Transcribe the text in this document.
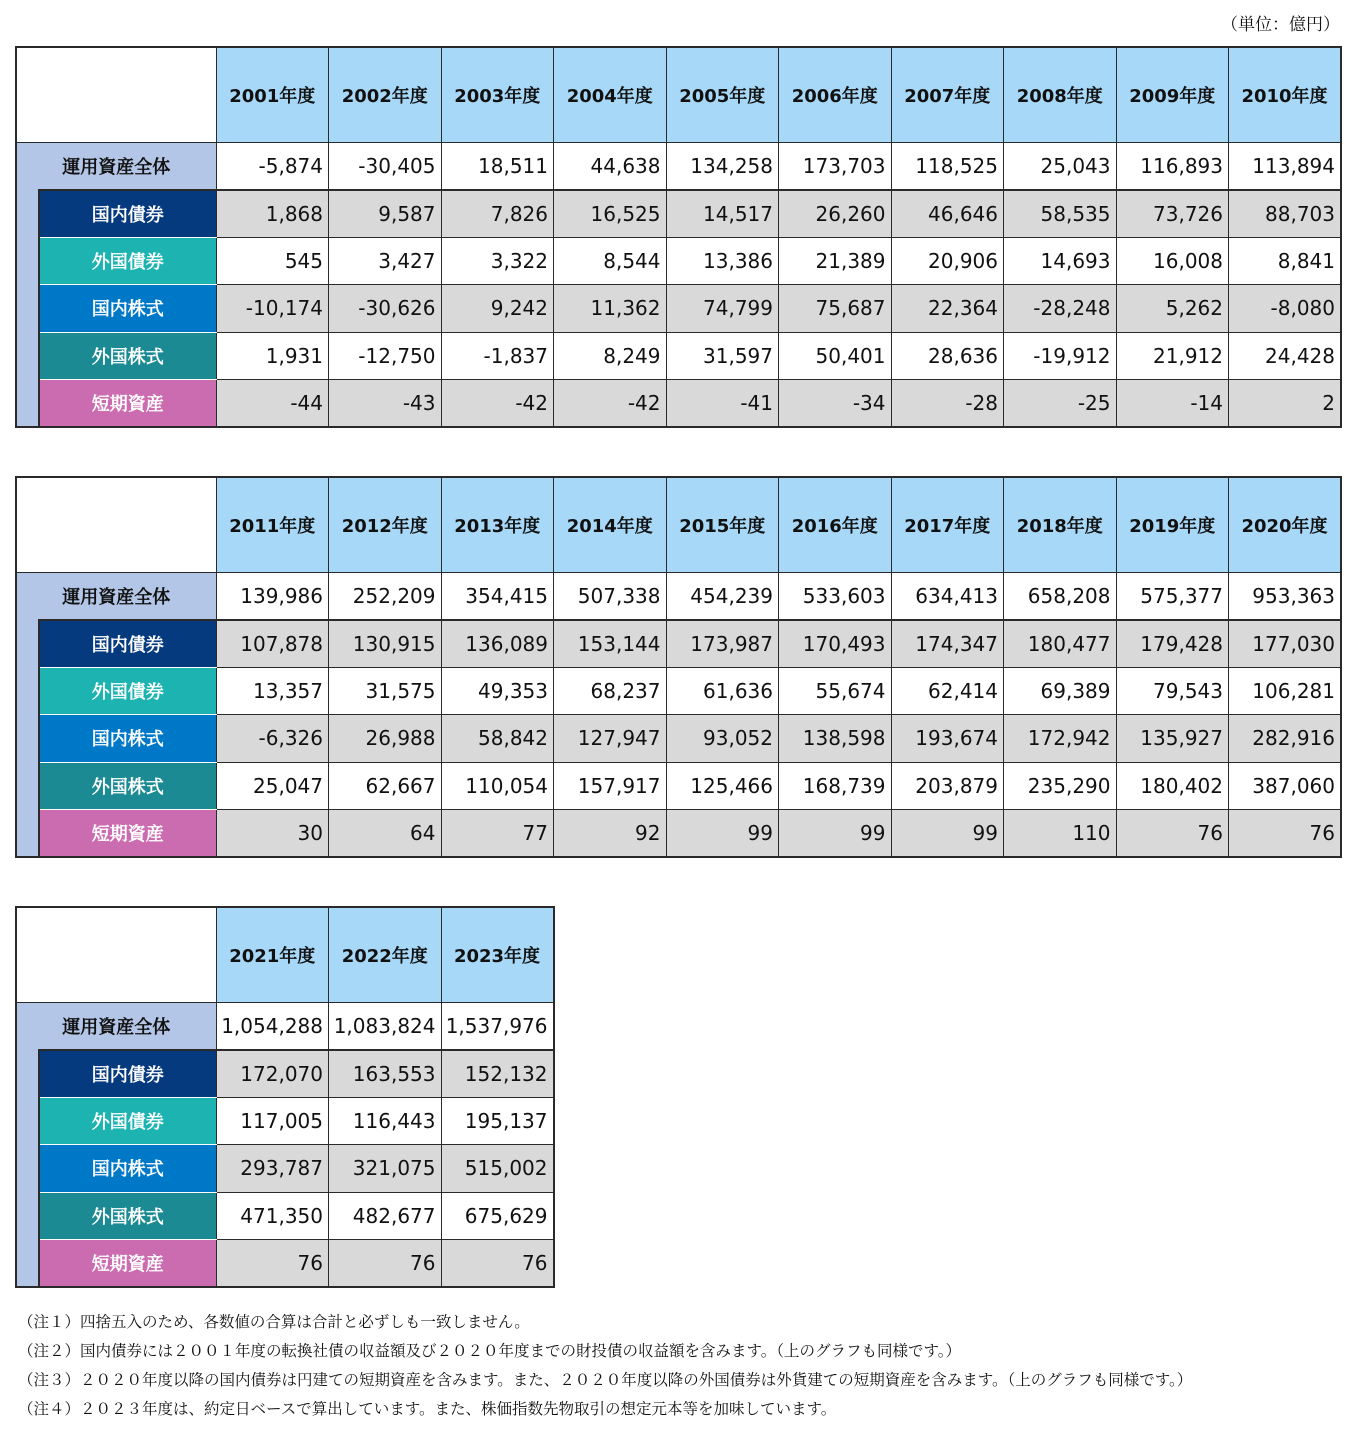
（単位：億円）
		2001年度	2002年度	2003年度	2004年度	2005年度	2006年度	2007年度	2008年度	2009年度	2010年度
運用資産全体		-5,874	-30,405	18,511	44,638	134,258	173,703	118,525	25,043	116,893	113,894
	国内債券	1,868	9,587	7,826	16,525	14,517	26,260	46,646	58,535	73,726	88,703
	外国債券	545	3,427	3,322	8,544	13,386	21,389	20,906	14,693	16,008	8,841
	国内株式	-10,174	-30,626	9,242	11,362	74,799	75,687	22,364	-28,248	5,262	-8,080
	外国株式	1,931	-12,750	-1,837	8,249	31,597	50,401	28,636	-19,912	21,912	24,428
	短期資産	-44	-43	-42	-42	-41	-34	-28	-25	-14	2
		2011年度	2012年度	2013年度	2014年度	2015年度	2016年度	2017年度	2018年度	2019年度	2020年度
運用資産全体		139,986	252,209	354,415	507,338	454,239	533,603	634,413	658,208	575,377	953,363
	国内債券	107,878	130,915	136,089	153,144	173,987	170,493	174,347	180,477	179,428	177,030
	外国債券	13,357	31,575	49,353	68,237	61,636	55,674	62,414	69,389	79,543	106,281
	国内株式	-6,326	26,988	58,842	127,947	93,052	138,598	193,674	172,942	135,927	282,916
	外国株式	25,047	62,667	110,054	157,917	125,466	168,739	203,879	235,290	180,402	387,060
	短期資産	30	64	77	92	99	99	99	110	76	76
		2021年度	2022年度	2023年度
運用資産全体		1,054,288	1,083,824	1,537,976
	国内債券	172,070	163,553	152,132
	外国債券	117,005	116,443	195,137
	国内株式	293,787	321,075	515,002
	外国株式	471,350	482,677	675,629
	短期資産	76	76	76
（注１）四捨五入のため、各数値の合算は合計と必ずしも一致しません。
（注２）国内債券には２００１年度の転換社債の収益額及び２０２０年度までの財投債の収益額を含みます。（上のグラフも同様です。）
（注３）２０２０年度以降の国内債券は円建ての短期資産を含みます。また、２０２０年度以降の外国債券は外貨建ての短期資産を含みます。（上のグラフも同様です。）
（注４）２０２３年度は、約定日ベースで算出しています。また、株価指数先物取引の想定元本等を加味しています。
